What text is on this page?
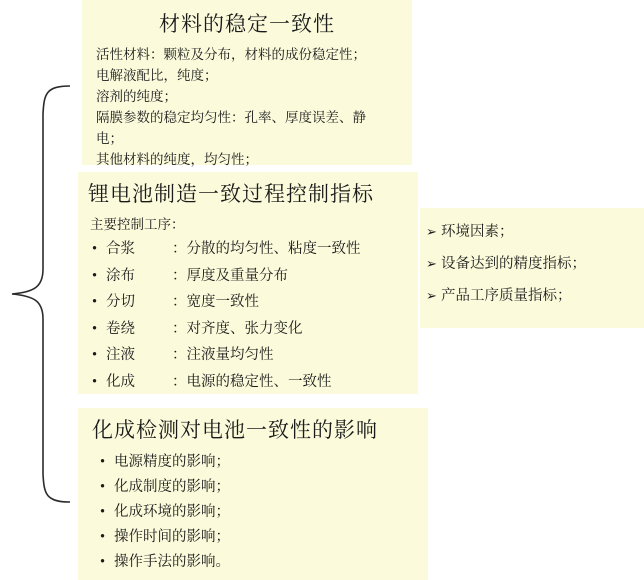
材料的稳定一致性
活性材料：颗粒及分布，材料的成份稳定性；
电解液配比，纯度；
溶剂的纯度；
隔膜参数的稳定均匀性：孔率、厚度误差、静
电；
其他材料的纯度，均匀性；
锂电池制造一致过程控制指标
主要控制工序：
• 合浆	：分散的均匀性、粘度一致性
• 涂布	：厚度及重量分布
• 分切	：宽度一致性
• 卷绕	：对齐度、张力变化
• 注液	：注液量均匀性
• 化成	：电源的稳定性、一致性
➢ 环境因素；
➢ 设备达到的精度指标；
➢ 产品工序质量指标；
化成检测对电池一致性的影响
• 电源精度的影响；
• 化成制度的影响；
• 化成环境的影响；
• 操作时间的影响；
• 操作手法的影响。
